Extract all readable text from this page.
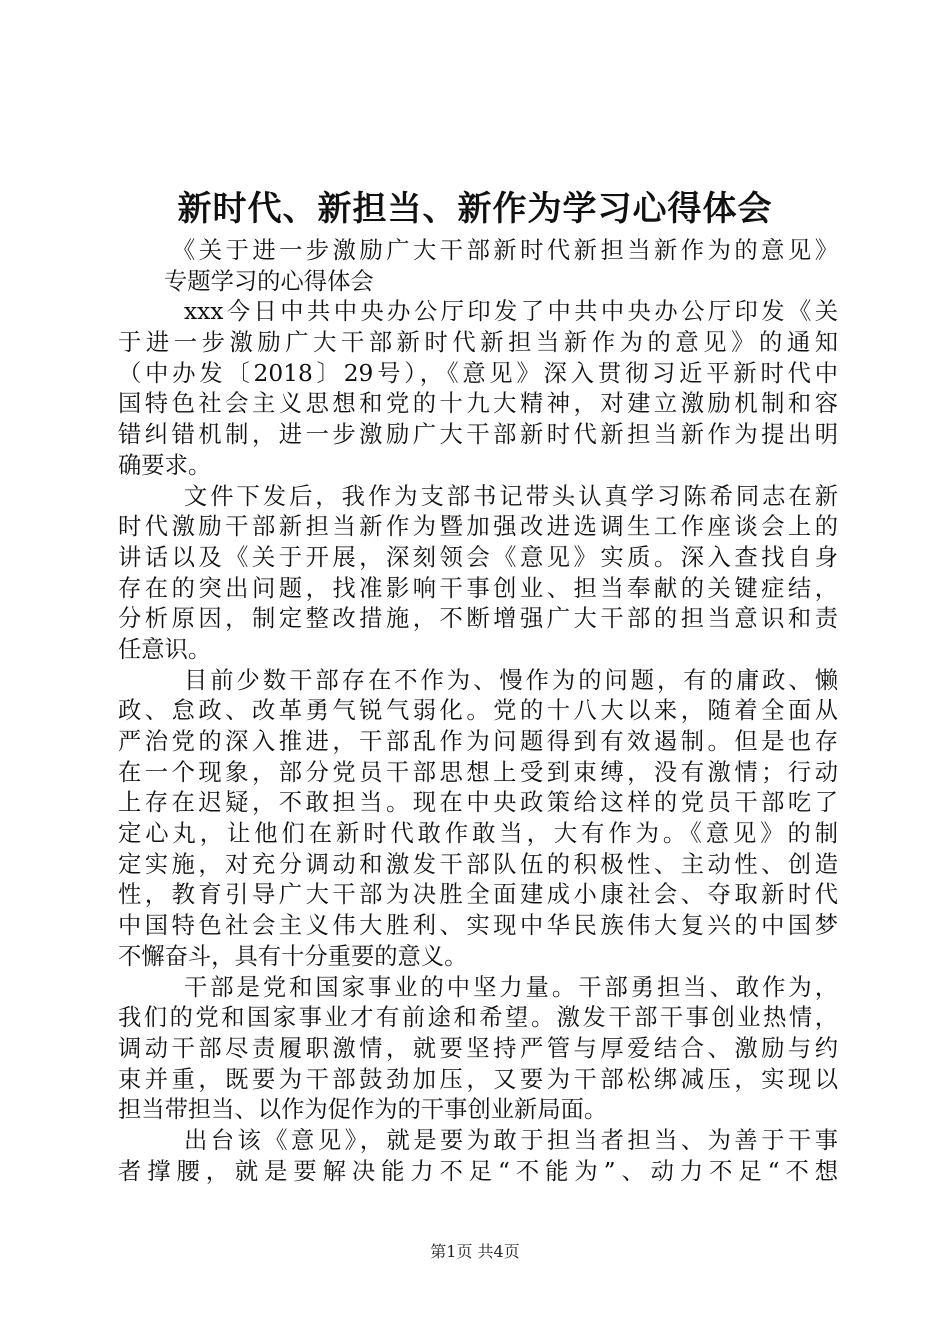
新时代、新担当、新作为学习心得体会
《关于进一步激励广大干部新时代新担当新作为的意见》
专题学习的心得体会
xxx今日中共中央办公厅印发了中共中央办公厅印发《关
于进一步激励广大干部新时代新担当新作为的意见》的通知
（中办发〔2018〕29号），《意见》深入贯彻习近平新时代中
国特色社会主义思想和党的十九大精神，对建立激励机制和容
错纠错机制，进一步激励广大干部新时代新担当新作为提出明
确要求。
文件下发后，我作为支部书记带头认真学习陈希同志在新
时代激励干部新担当新作为暨加强改进选调生工作座谈会上的
讲话以及《关于开展，深刻领会《意见》实质。深入查找自身
存在的突出问题，找准影响干事创业、担当奉献的关键症结，
分析原因，制定整改措施，不断增强广大干部的担当意识和责
任意识。
目前少数干部存在不作为、慢作为的问题，有的庸政、懒
政、怠政、改革勇气锐气弱化。党的十八大以来，随着全面从
严治党的深入推进，干部乱作为问题得到有效遏制。但是也存
在一个现象，部分党员干部思想上受到束缚，没有激情；行动
上存在迟疑，不敢担当。现在中央政策给这样的党员干部吃了
定心丸，让他们在新时代敢作敢当，大有作为。《意见》的制
定实施，对充分调动和激发干部队伍的积极性、主动性、创造
性，教育引导广大干部为决胜全面建成小康社会、夺取新时代
中国特色社会主义伟大胜利、实现中华民族伟大复兴的中国梦
不懈奋斗，具有十分重要的意义。
干部是党和国家事业的中坚力量。干部勇担当、敢作为，
我们的党和国家事业才有前途和希望。激发干部干事创业热情，
调动干部尽责履职激情，就要坚持严管与厚爱结合、激励与约
束并重，既要为干部鼓劲加压，又要为干部松绑减压，实现以
担当带担当、以作为促作为的干事创业新局面。
出台该《意见》，就是要为敢于担当者担当、为善于干事
者撑腰，就是要解决能力不足“不能为”、动力不足“不想
第1页 共4页
